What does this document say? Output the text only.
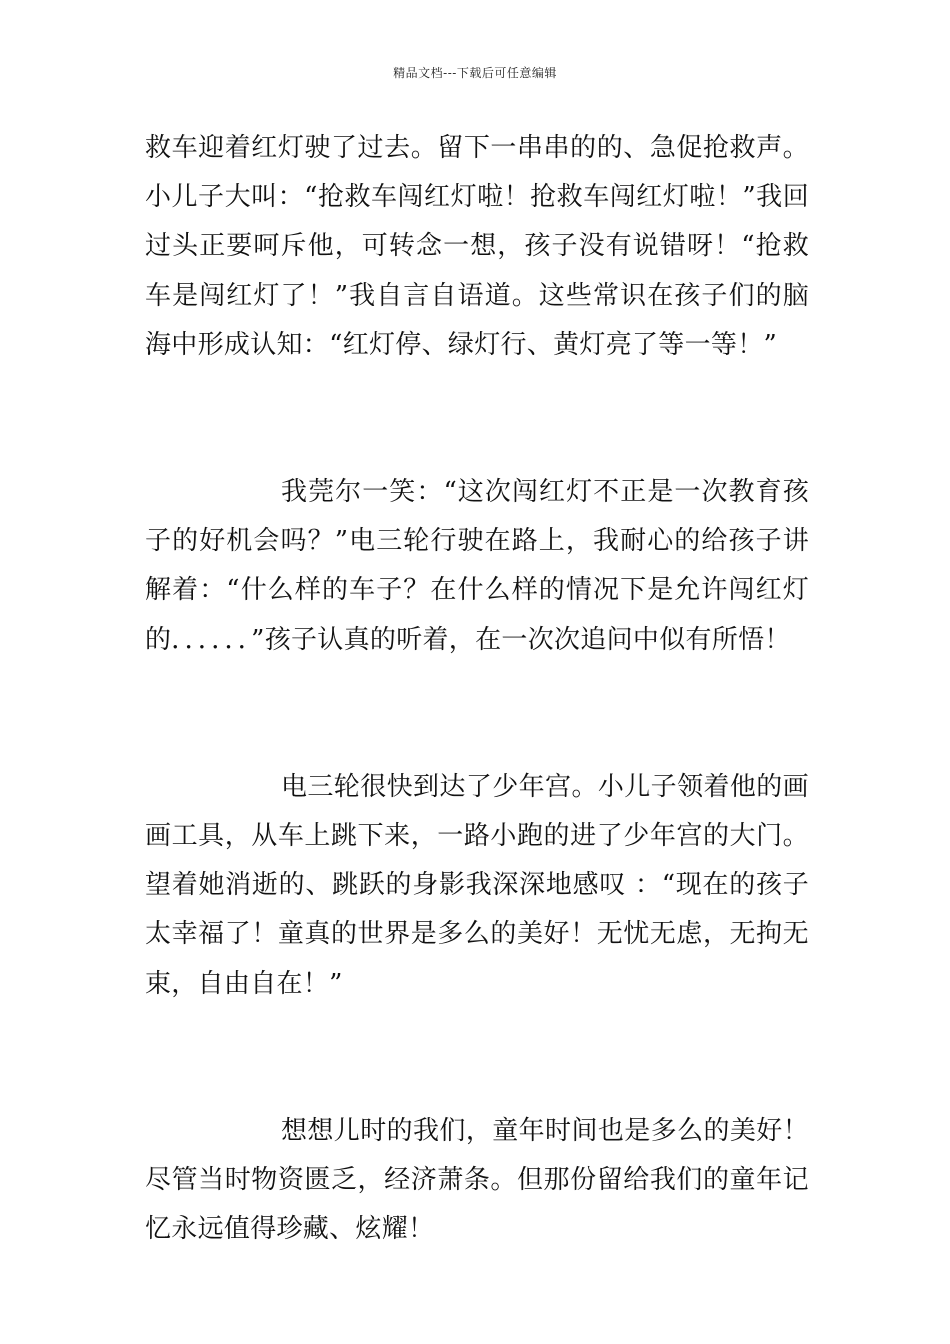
精品文档---下载后可任意编辑

救车迎着红灯驶了过去。留下一串串的的、急促抢救声。小儿子大叫：“抢救车闯红灯啦！抢救车闯红灯啦！”我回过头正要呵斥他，可转念一想，孩子没有说错呀！“抢救车是闯红灯了！”我自言自语道。这些常识在孩子们的脑海中形成认知：“红灯停、绿灯行、黄灯亮了等一等！”

我莞尔一笑：“这次闯红灯不正是一次教育孩子的好机会吗？”电三轮行驶在路上，我耐心的给孩子讲解着：“什么样的车子？在什么样的情况下是允许闯红灯的．．．．．．”孩子认真的听着，在一次次追问中似有所悟！

电三轮很快到达了少年宫。小儿子领着他的画画工具，从车上跳下来，一路小跑的进了少年宫的大门。望着她消逝的、跳跃的身影我深深地感叹 ：“现在的孩子太幸福了！童真的世界是多么的美好！无忧无虑，无拘无束，自由自在！”

想想儿时的我们，童年时间也是多么的美好！尽管当时物资匮乏，经济萧条。但那份留给我们的童年记忆永远值得珍藏、炫耀！
